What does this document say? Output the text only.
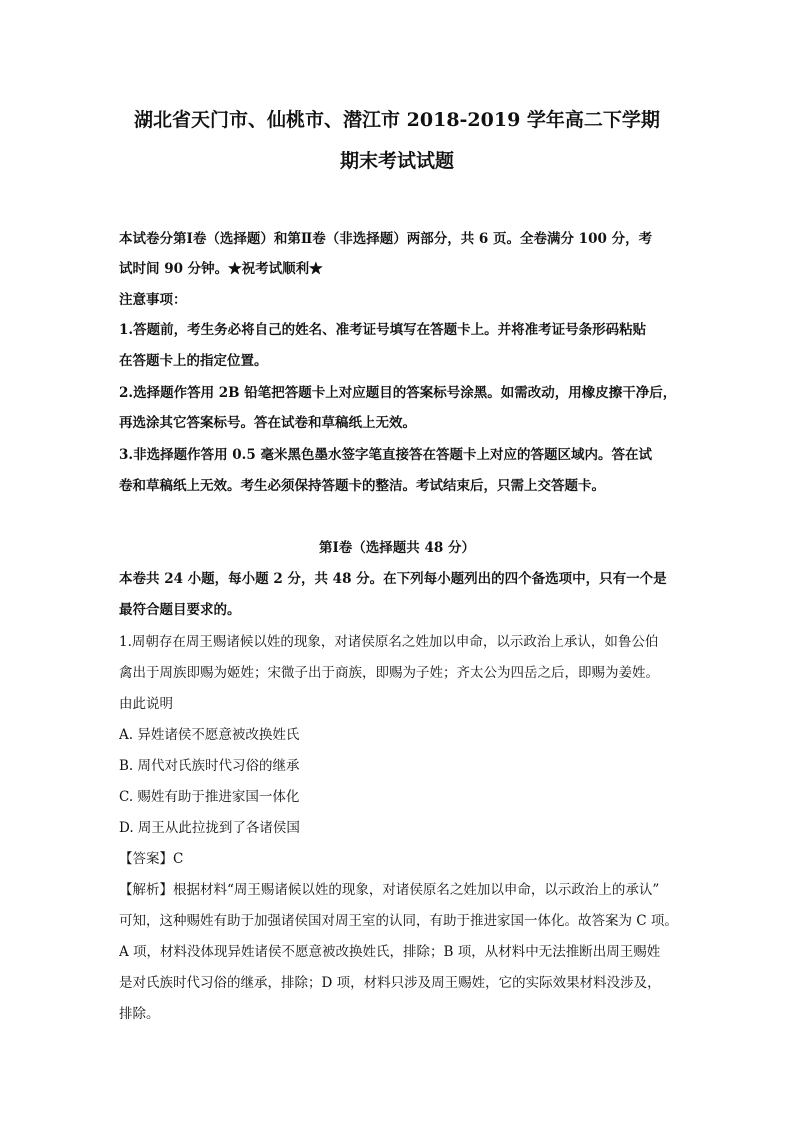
湖北省天门市、仙桃市、潜江市 2018-2019 学年高二下学期
期末考试试题
本试卷分第Ⅰ卷（选择题）和第Ⅱ卷（非选择题）两部分，共 6 页。全卷满分 100 分，考
试时间 90 分钟。★祝考试顺利★
注意事项：
1.答题前，考生务必将自己的姓名、准考证号填写在答题卡上。并将准考证号条形码粘贴
在答题卡上的指定位置。
2.选择题作答用 2B 铅笔把答题卡上对应题目的答案标号涂黑。如需改动，用橡皮擦干净后，
再选涂其它答案标号。答在试卷和草稿纸上无效。
3.非选择题作答用 0.5 毫米黑色墨水签字笔直接答在答题卡上对应的答题区域内。答在试
卷和草稿纸上无效。考生必须保持答题卡的整洁。考试结束后，只需上交答题卡。
第Ⅰ卷（选择题共 48 分）
本卷共 24 小题，每小题 2 分，共 48 分。在下列每小题列出的四个备选项中，只有一个是
最符合题目要求的。
1.周朝存在周王赐诸候以姓的现象，对诸侯原名之姓加以申命，以示政治上承认，如鲁公伯
禽出于周族即赐为姬姓；宋微子出于商族，即赐为子姓；齐太公为四岳之后，即赐为姜姓。
由此说明
A. 异姓诸侯不愿意被改换姓氏
B. 周代对氏族时代习俗的继承
C. 赐姓有助于推进家国一体化
D. 周王从此拉拢到了各诸侯国
【答案】C
【解析】根据材料“周王赐诸候以姓的现象，对诸侯原名之姓加以申命，以示政治上的承认”
可知，这种赐姓有助于加强诸侯国对周王室的认同，有助于推进家国一体化。故答案为 C 项。
A 项，材料没体现异姓诸侯不愿意被改换姓氏，排除；B 项，从材料中无法推断出周王赐姓
是对氏族时代习俗的继承，排除；D 项，材料只涉及周王赐姓，它的实际效果材料没涉及，
排除。
